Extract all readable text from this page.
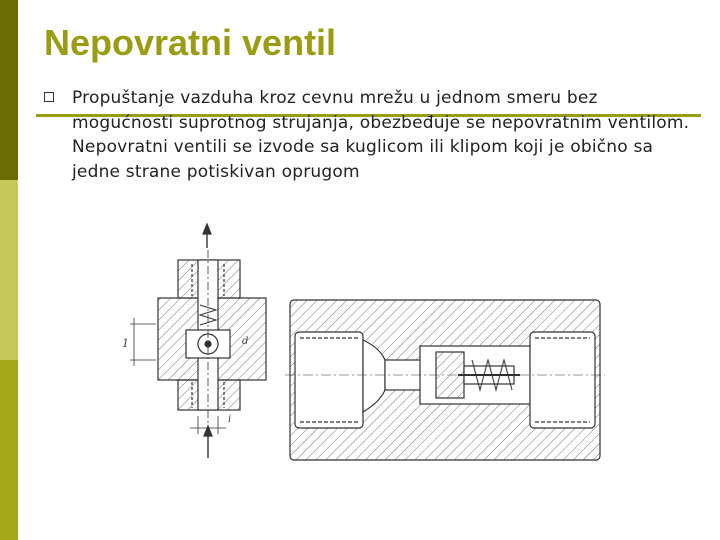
Nepovratni ventil

Propuštanje vazduha kroz cevnu mrežu u jednom smeru bez mogućnosti suprotnog strujanja, obezbeđuje se nepovratnim ventilom. Nepovratni ventili se izvode sa kuglicom ili klipom koji je obično sa jedne strane potiskivan oprugom

1	d
i
